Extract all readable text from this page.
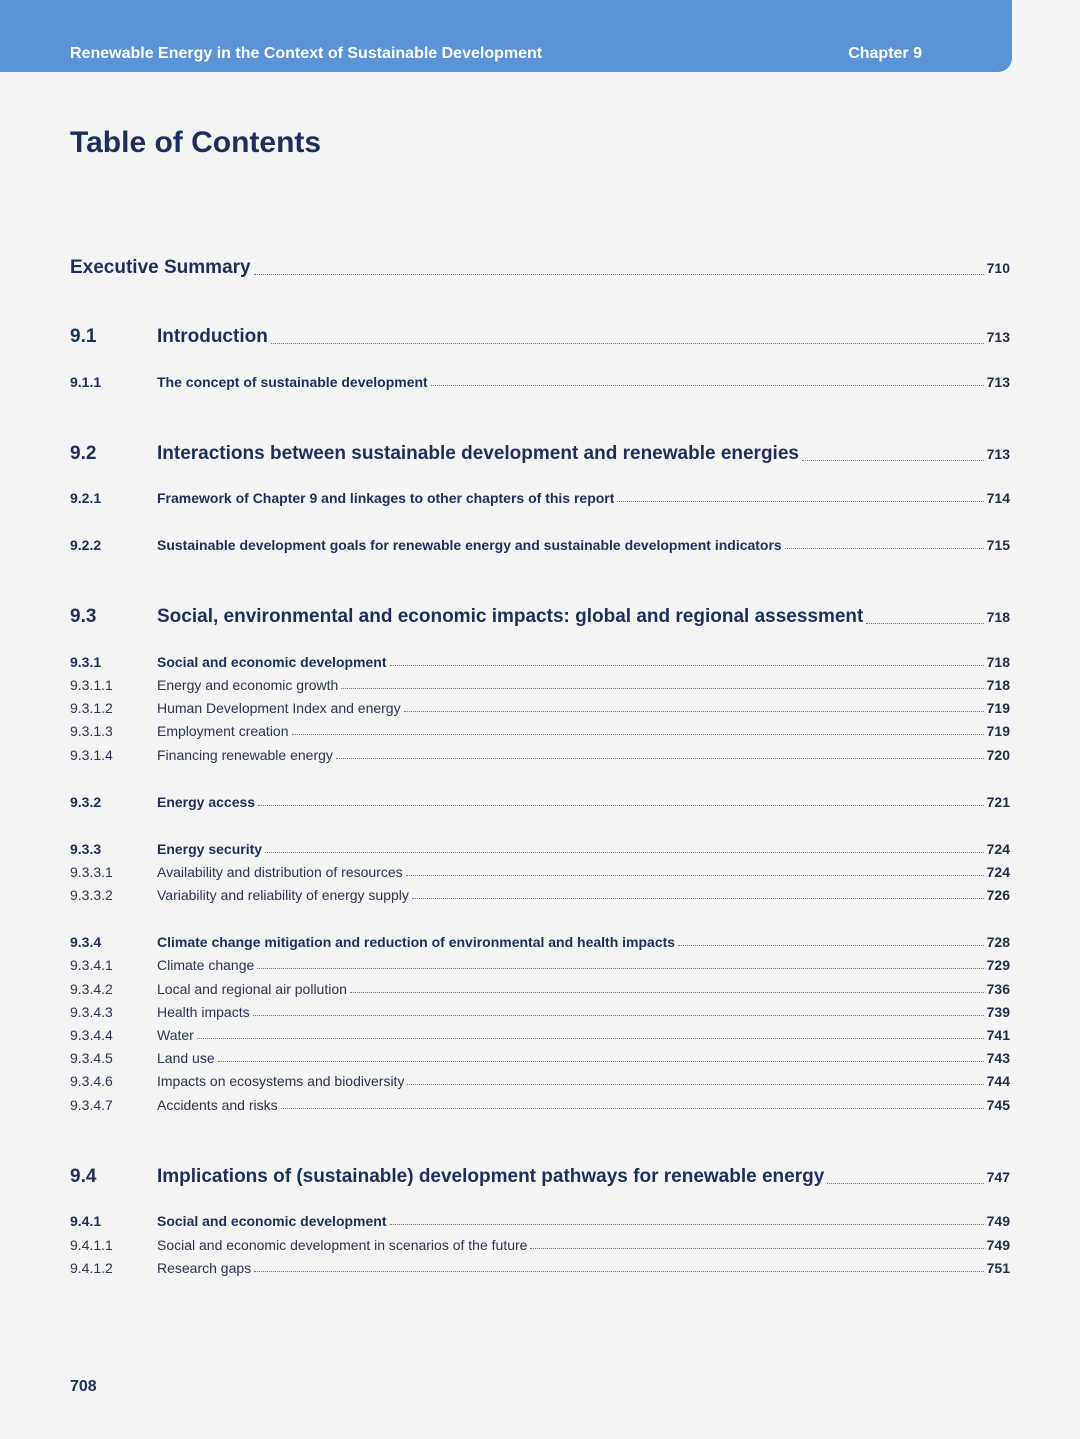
Renewable Energy in the Context of Sustainable Development	Chapter 9
Table of Contents
Executive Summary	710
9.1	Introduction	713
9.1.1	The concept of sustainable development	713
9.2	Interactions between sustainable development and renewable energies	713
9.2.1	Framework of Chapter 9 and linkages to other chapters of this report	714
9.2.2	Sustainable development goals for renewable energy and sustainable development indicators	715
9.3	Social, environmental and economic impacts: global and regional assessment	718
9.3.1	Social and economic development	718
9.3.1.1	Energy and economic growth	718
9.3.1.2	Human Development Index and energy	719
9.3.1.3	Employment creation	719
9.3.1.4	Financing renewable energy	720
9.3.2	Energy access	721
9.3.3	Energy security	724
9.3.3.1	Availability and distribution of resources	724
9.3.3.2	Variability and reliability of energy supply	726
9.3.4	Climate change mitigation and reduction of environmental and health impacts	728
9.3.4.1	Climate change	729
9.3.4.2	Local and regional air pollution	736
9.3.4.3	Health impacts	739
9.3.4.4	Water	741
9.3.4.5	Land use	743
9.3.4.6	Impacts on ecosystems and biodiversity	744
9.3.4.7	Accidents and risks	745
9.4	Implications of (sustainable) development pathways for renewable energy	747
9.4.1	Social and economic development	749
9.4.1.1	Social and economic development in scenarios of the future	749
9.4.1.2	Research gaps	751
708
